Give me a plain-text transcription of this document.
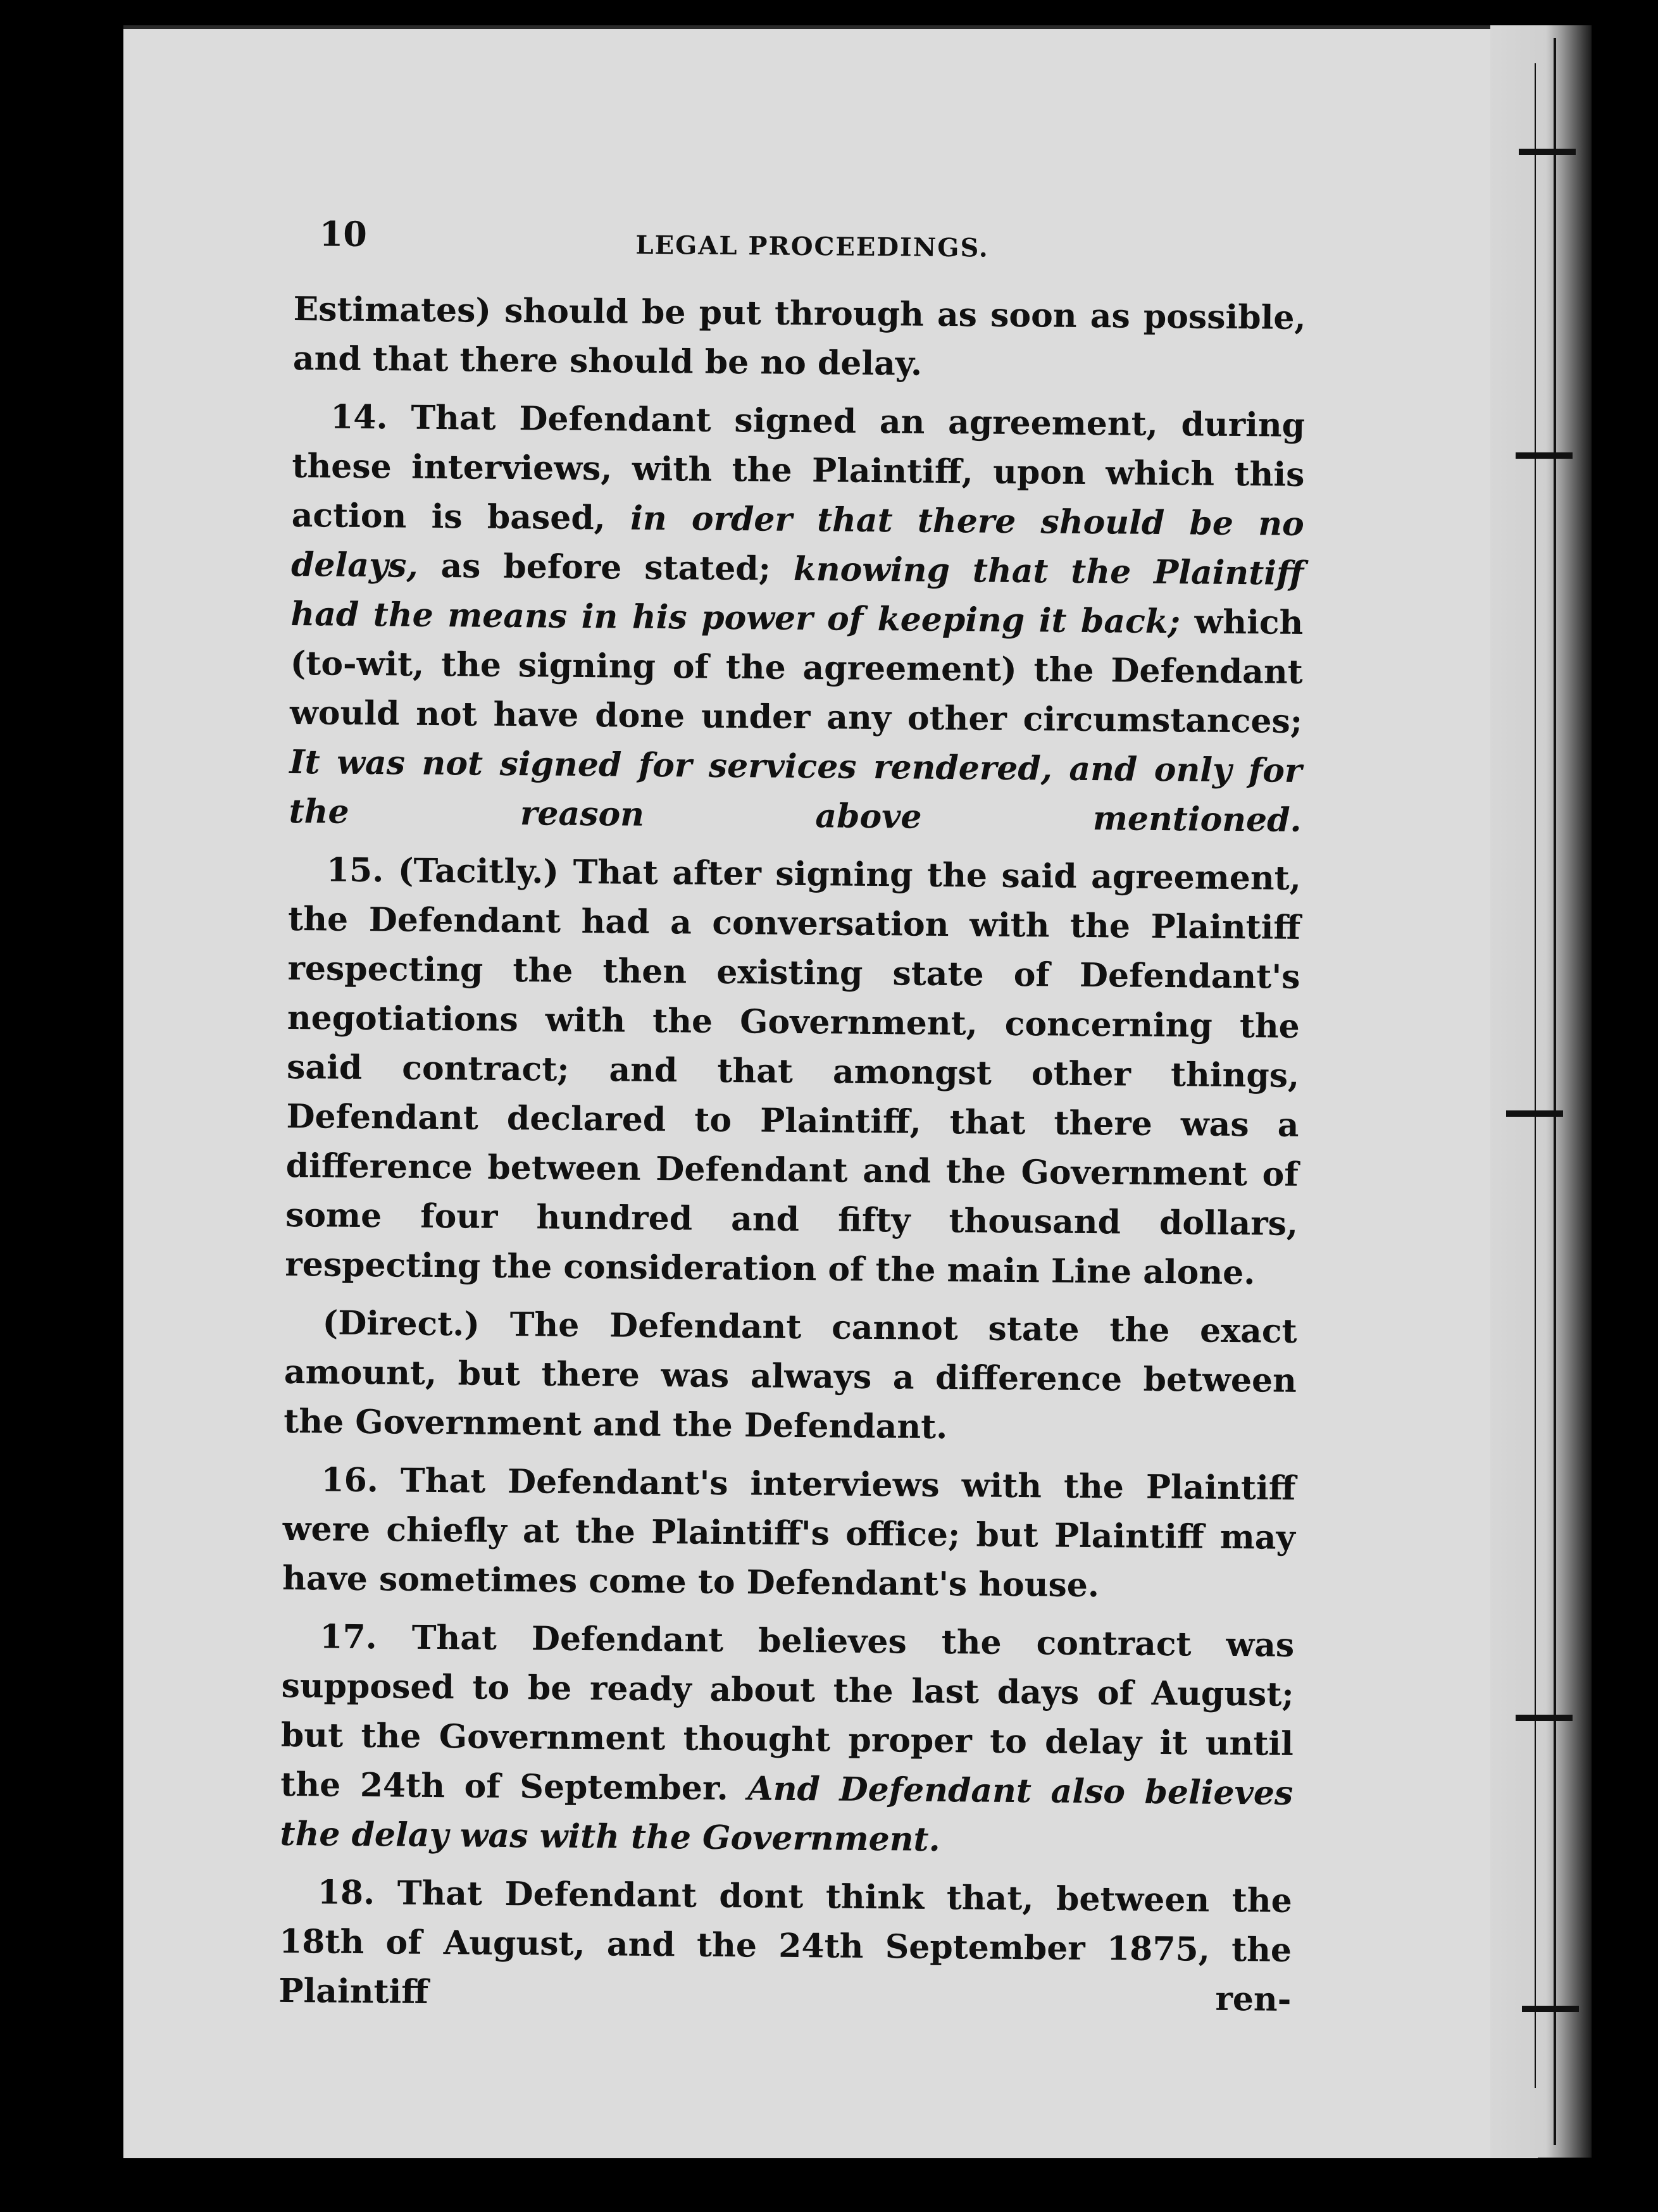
10	LEGAL PROCEEDINGS.

Estimates) should be put through as soon as possible, and that there should be no delay.

14. That Defendant signed an agreement, during these interviews, with the Plaintiff, upon which this action is based, in order that there should be no delays, as before stated; knowing that the Plaintiff had the means in his power of keeping it back; which (to-wit, the signing of the agreement) the Defendant would not have done under any other circumstances; It was not signed for services rendered, and only for the reason above mentioned.

15. (Tacitly.) That after signing the said agreement, the Defendant had a conversation with the Plaintiff respecting the then existing state of Defendant's negotiations with the Government, concerning the said contract; and that amongst other things, Defendant declared to Plaintiff, that there was a difference between Defendant and the Government of some four hundred and fifty thousand dollars, respecting the consideration of the main Line alone.

(Direct.) The Defendant cannot state the exact amount, but there was always a difference between the Government and the Defendant.

16. That Defendant's interviews with the Plaintiff were chiefly at the Plaintiff's office; but Plaintiff may have sometimes come to Defendant's house.

17. That Defendant believes the contract was supposed to be ready about the last days of August; but the Government thought proper to delay it until the 24th of September. And Defendant also believes the delay was with the Government.

18. That Defendant dont think that, between the 18th of August, and the 24th September 1875, the Plaintiff ren-
